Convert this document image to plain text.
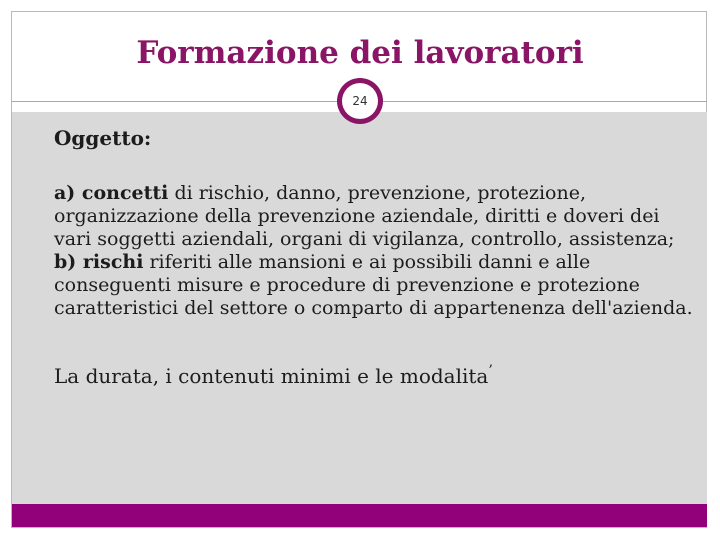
Formazione dei lavoratori
24

Oggetto:

a) concetti di rischio, danno, prevenzione, protezione, organizzazione della prevenzione aziendale, diritti e doveri dei vari soggetti aziendali, organi di vigilanza, controllo, assistenza;

b) rischi riferiti alle mansioni e ai possibili danni e alle conseguenti misure e procedure di prevenzione e protezione caratteristici del settore o comparto di appartenenza dell'azienda.

La durata, i contenuti minimi e le modalita’
